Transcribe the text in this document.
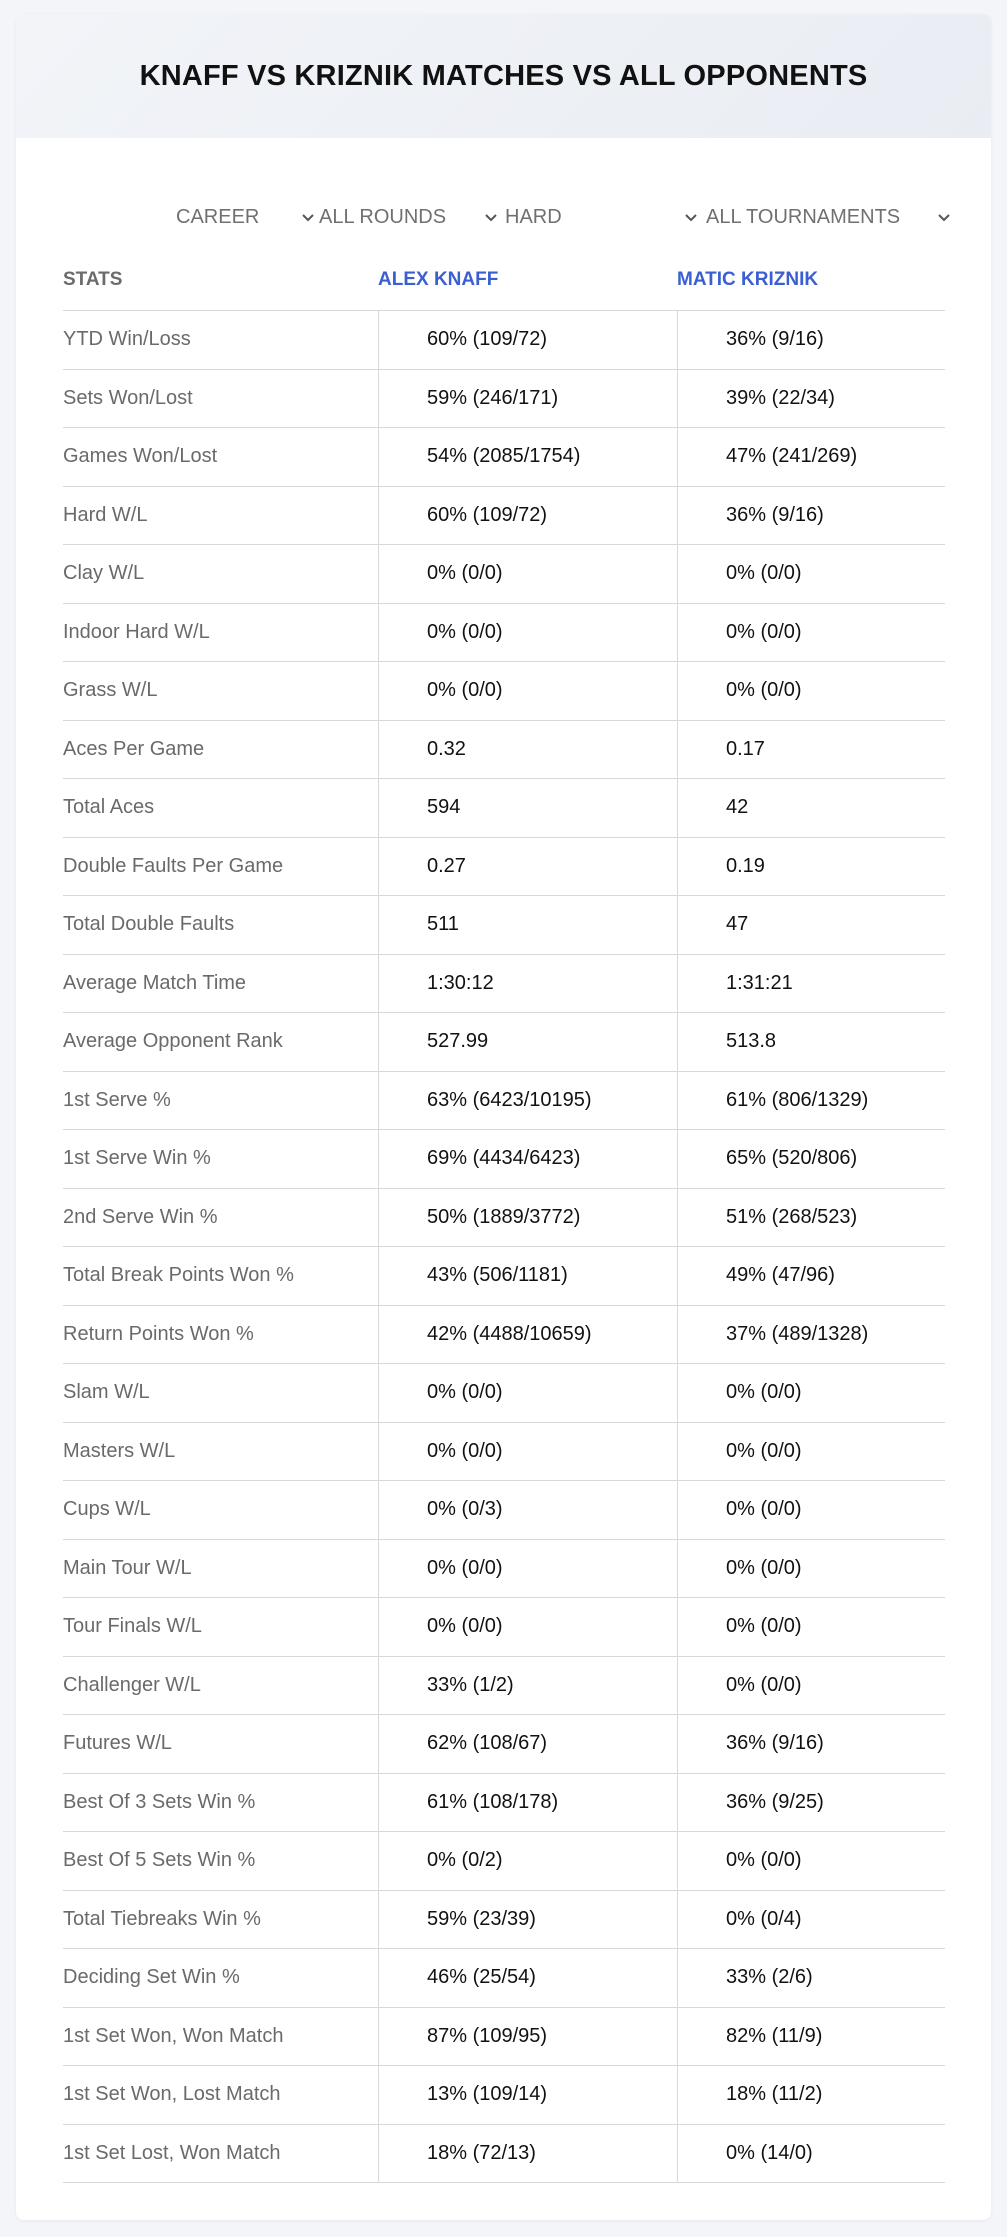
KNAFF VS KRIZNIK MATCHES VS ALL OPPONENTS
CAREER	ALL ROUNDS	HARD	ALL TOURNAMENTS
STATS	ALEX KNAFF	MATIC KRIZNIK
YTD Win/Loss	60% (109/72)	36% (9/16)
Sets Won/Lost	59% (246/171)	39% (22/34)
Games Won/Lost	54% (2085/1754)	47% (241/269)
Hard W/L	60% (109/72)	36% (9/16)
Clay W/L	0% (0/0)	0% (0/0)
Indoor Hard W/L	0% (0/0)	0% (0/0)
Grass W/L	0% (0/0)	0% (0/0)
Aces Per Game	0.32	0.17
Total Aces	594	42
Double Faults Per Game	0.27	0.19
Total Double Faults	511	47
Average Match Time	1:30:12	1:31:21
Average Opponent Rank	527.99	513.8
1st Serve %	63% (6423/10195)	61% (806/1329)
1st Serve Win %	69% (4434/6423)	65% (520/806)
2nd Serve Win %	50% (1889/3772)	51% (268/523)
Total Break Points Won %	43% (506/1181)	49% (47/96)
Return Points Won %	42% (4488/10659)	37% (489/1328)
Slam W/L	0% (0/0)	0% (0/0)
Masters W/L	0% (0/0)	0% (0/0)
Cups W/L	0% (0/3)	0% (0/0)
Main Tour W/L	0% (0/0)	0% (0/0)
Tour Finals W/L	0% (0/0)	0% (0/0)
Challenger W/L	33% (1/2)	0% (0/0)
Futures W/L	62% (108/67)	36% (9/16)
Best Of 3 Sets Win %	61% (108/178)	36% (9/25)
Best Of 5 Sets Win %	0% (0/2)	0% (0/0)
Total Tiebreaks Win %	59% (23/39)	0% (0/4)
Deciding Set Win %	46% (25/54)	33% (2/6)
1st Set Won, Won Match	87% (109/95)	82% (11/9)
1st Set Won, Lost Match	13% (109/14)	18% (11/2)
1st Set Lost, Won Match	18% (72/13)	0% (14/0)
